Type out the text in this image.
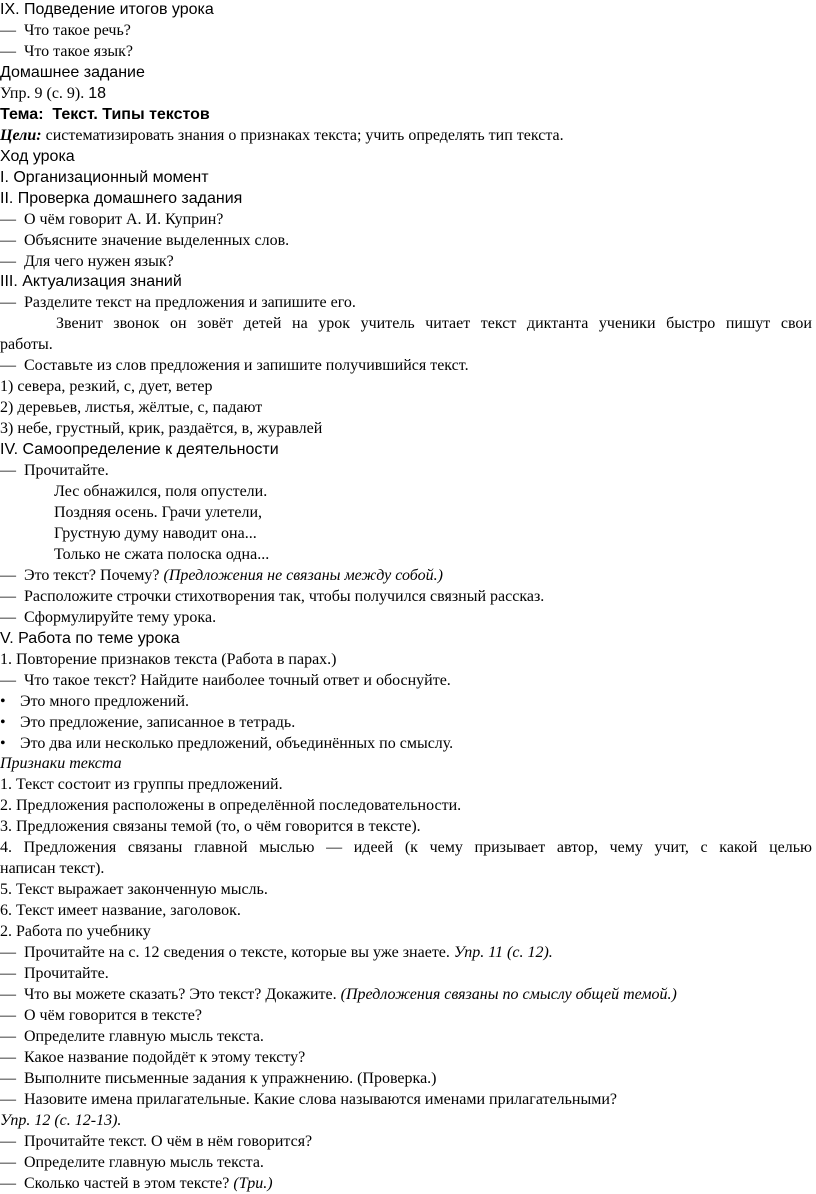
IX. Подведение итогов урока
— Что такое речь?
— Что такое язык?
Домашнее задание
Упр. 9 (с. 9). 18
Тема: Текст. Типы текстов
Цели: систематизировать знания о признаках текста; учить определять тип текста.
Ход урока
I. Организационный момент
II. Проверка домашнего задания
— О чём говорит А. И. Куприн?
— Объясните значение выделенных слов.
— Для чего нужен язык?
III. Актуализация знаний
— Разделите текст на предложения и запишите его.
Звенит звонок он зовёт детей на урок учитель читает текст диктанта ученики быстро пишут свои
работы.
— Составьте из слов предложения и запишите получившийся текст.
1) севера, резкий, с, дует, ветер
2) деревьев, листья, жёлтые, с, падают
3) небе, грустный, крик, раздаётся, в, журавлей
IV. Самоопределение к деятельности
— Прочитайте.
Лес обнажился, поля опустели.
Поздняя осень. Грачи улетели,
Грустную думу наводит она...
Только не сжата полоска одна...
— Это текст? Почему? (Предложения не связаны между собой.)
— Расположите строчки стихотворения так, чтобы получился связный рассказ.
— Сформулируйте тему урока.
V. Работа по теме урока
1. Повторение признаков текста (Работа в парах.)
— Что такое текст? Найдите наиболее точный ответ и обоснуйте.
• Это много предложений.
• Это предложение, записанное в тетрадь.
• Это два или несколько предложений, объединённых по смыслу.
Признаки текста
1. Текст состоит из группы предложений.
2. Предложения расположены в определённой последовательности.
3. Предложения связаны темой (то, о чём говорится в тексте).
4. Предложения связаны главной мыслью — идеей (к чему призывает автор, чему учит, с какой целью
написан текст).
5. Текст выражает законченную мысль.
6. Текст имеет название, заголовок.
2. Работа по учебнику
— Прочитайте на с. 12 сведения о тексте, которые вы уже знаете. Упр. 11 (с. 12).
— Прочитайте.
— Что вы можете сказать? Это текст? Докажите. (Предложения связаны по смыслу общей темой.)
— О чём говорится в тексте?
— Определите главную мысль текста.
— Какое название подойдёт к этому тексту?
— Выполните письменные задания к упражнению. (Проверка.)
— Назовите имена прилагательные. Какие слова называются именами прилагательными?
Упр. 12 (с. 12-13).
— Прочитайте текст. О чём в нём говорится?
— Определите главную мысль текста.
— Сколько частей в этом тексте? (Три.)
